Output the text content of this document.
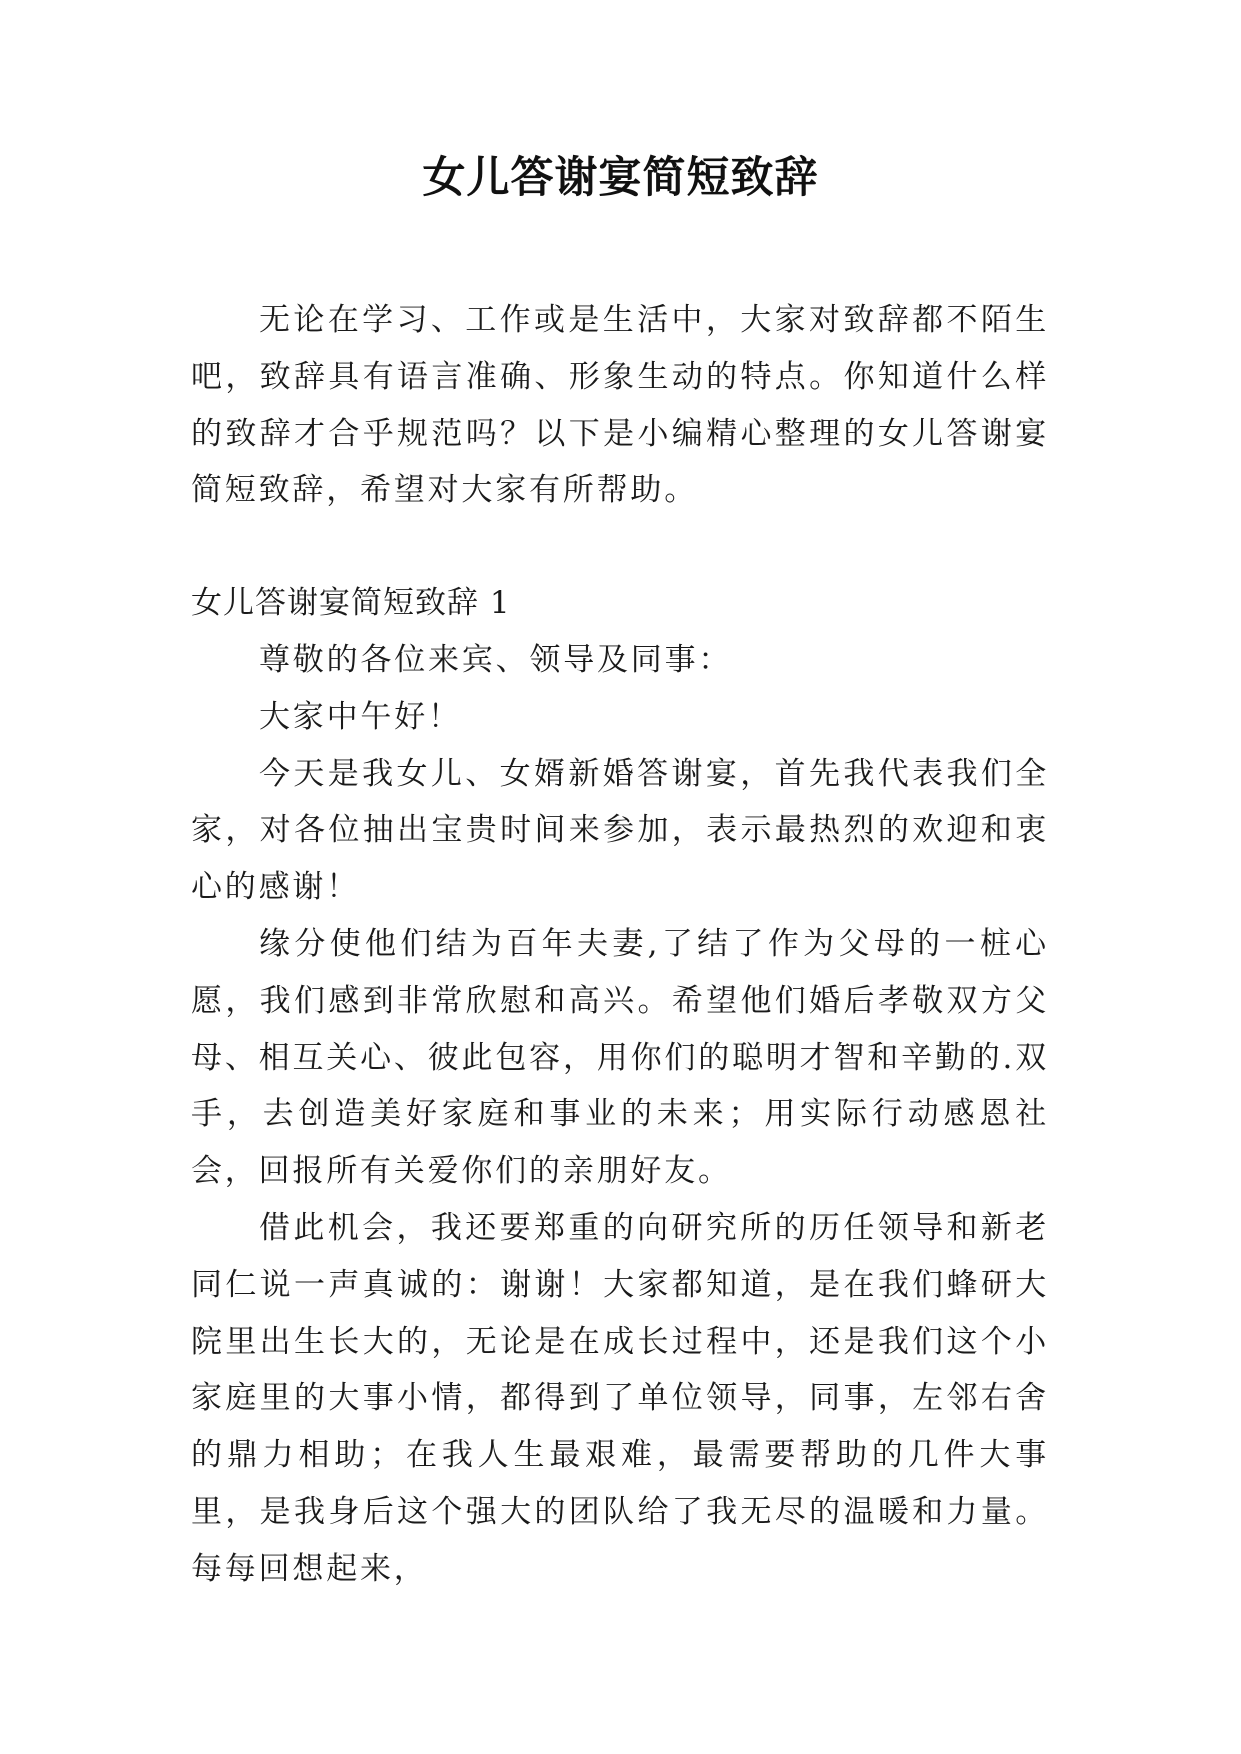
女儿答谢宴简短致辞

无论在学习、工作或是生活中，大家对致辞都不陌生吧，致辞具有语言准确、形象生动的特点。你知道什么样的致辞才合乎规范吗？以下是小编精心整理的女儿答谢宴简短致辞，希望对大家有所帮助。

女儿答谢宴简短致辞 1

尊敬的各位来宾、领导及同事：

大家中午好！

今天是我女儿、女婿新婚答谢宴，首先我代表我们全家，对各位抽出宝贵时间来参加，表示最热烈的欢迎和衷心的感谢！

缘分使他们结为百年夫妻,了结了作为父母的一桩心愿，我们感到非常欣慰和高兴。希望他们婚后孝敬双方父母、相互关心、彼此包容，用你们的聪明才智和辛勤的.双手，去创造美好家庭和事业的未来；用实际行动感恩社会，回报所有关爱你们的亲朋好友。

借此机会，我还要郑重的向研究所的历任领导和新老同仁说一声真诚的：谢谢！大家都知道，是在我们蜂研大院里出生长大的，无论是在成长过程中，还是我们这个小家庭里的大事小情，都得到了单位领导，同事，左邻右舍的鼎力相助；在我人生最艰难，最需要帮助的几件大事里，是我身后这个强大的团队给了我无尽的温暖和力量。每每回想起来，
